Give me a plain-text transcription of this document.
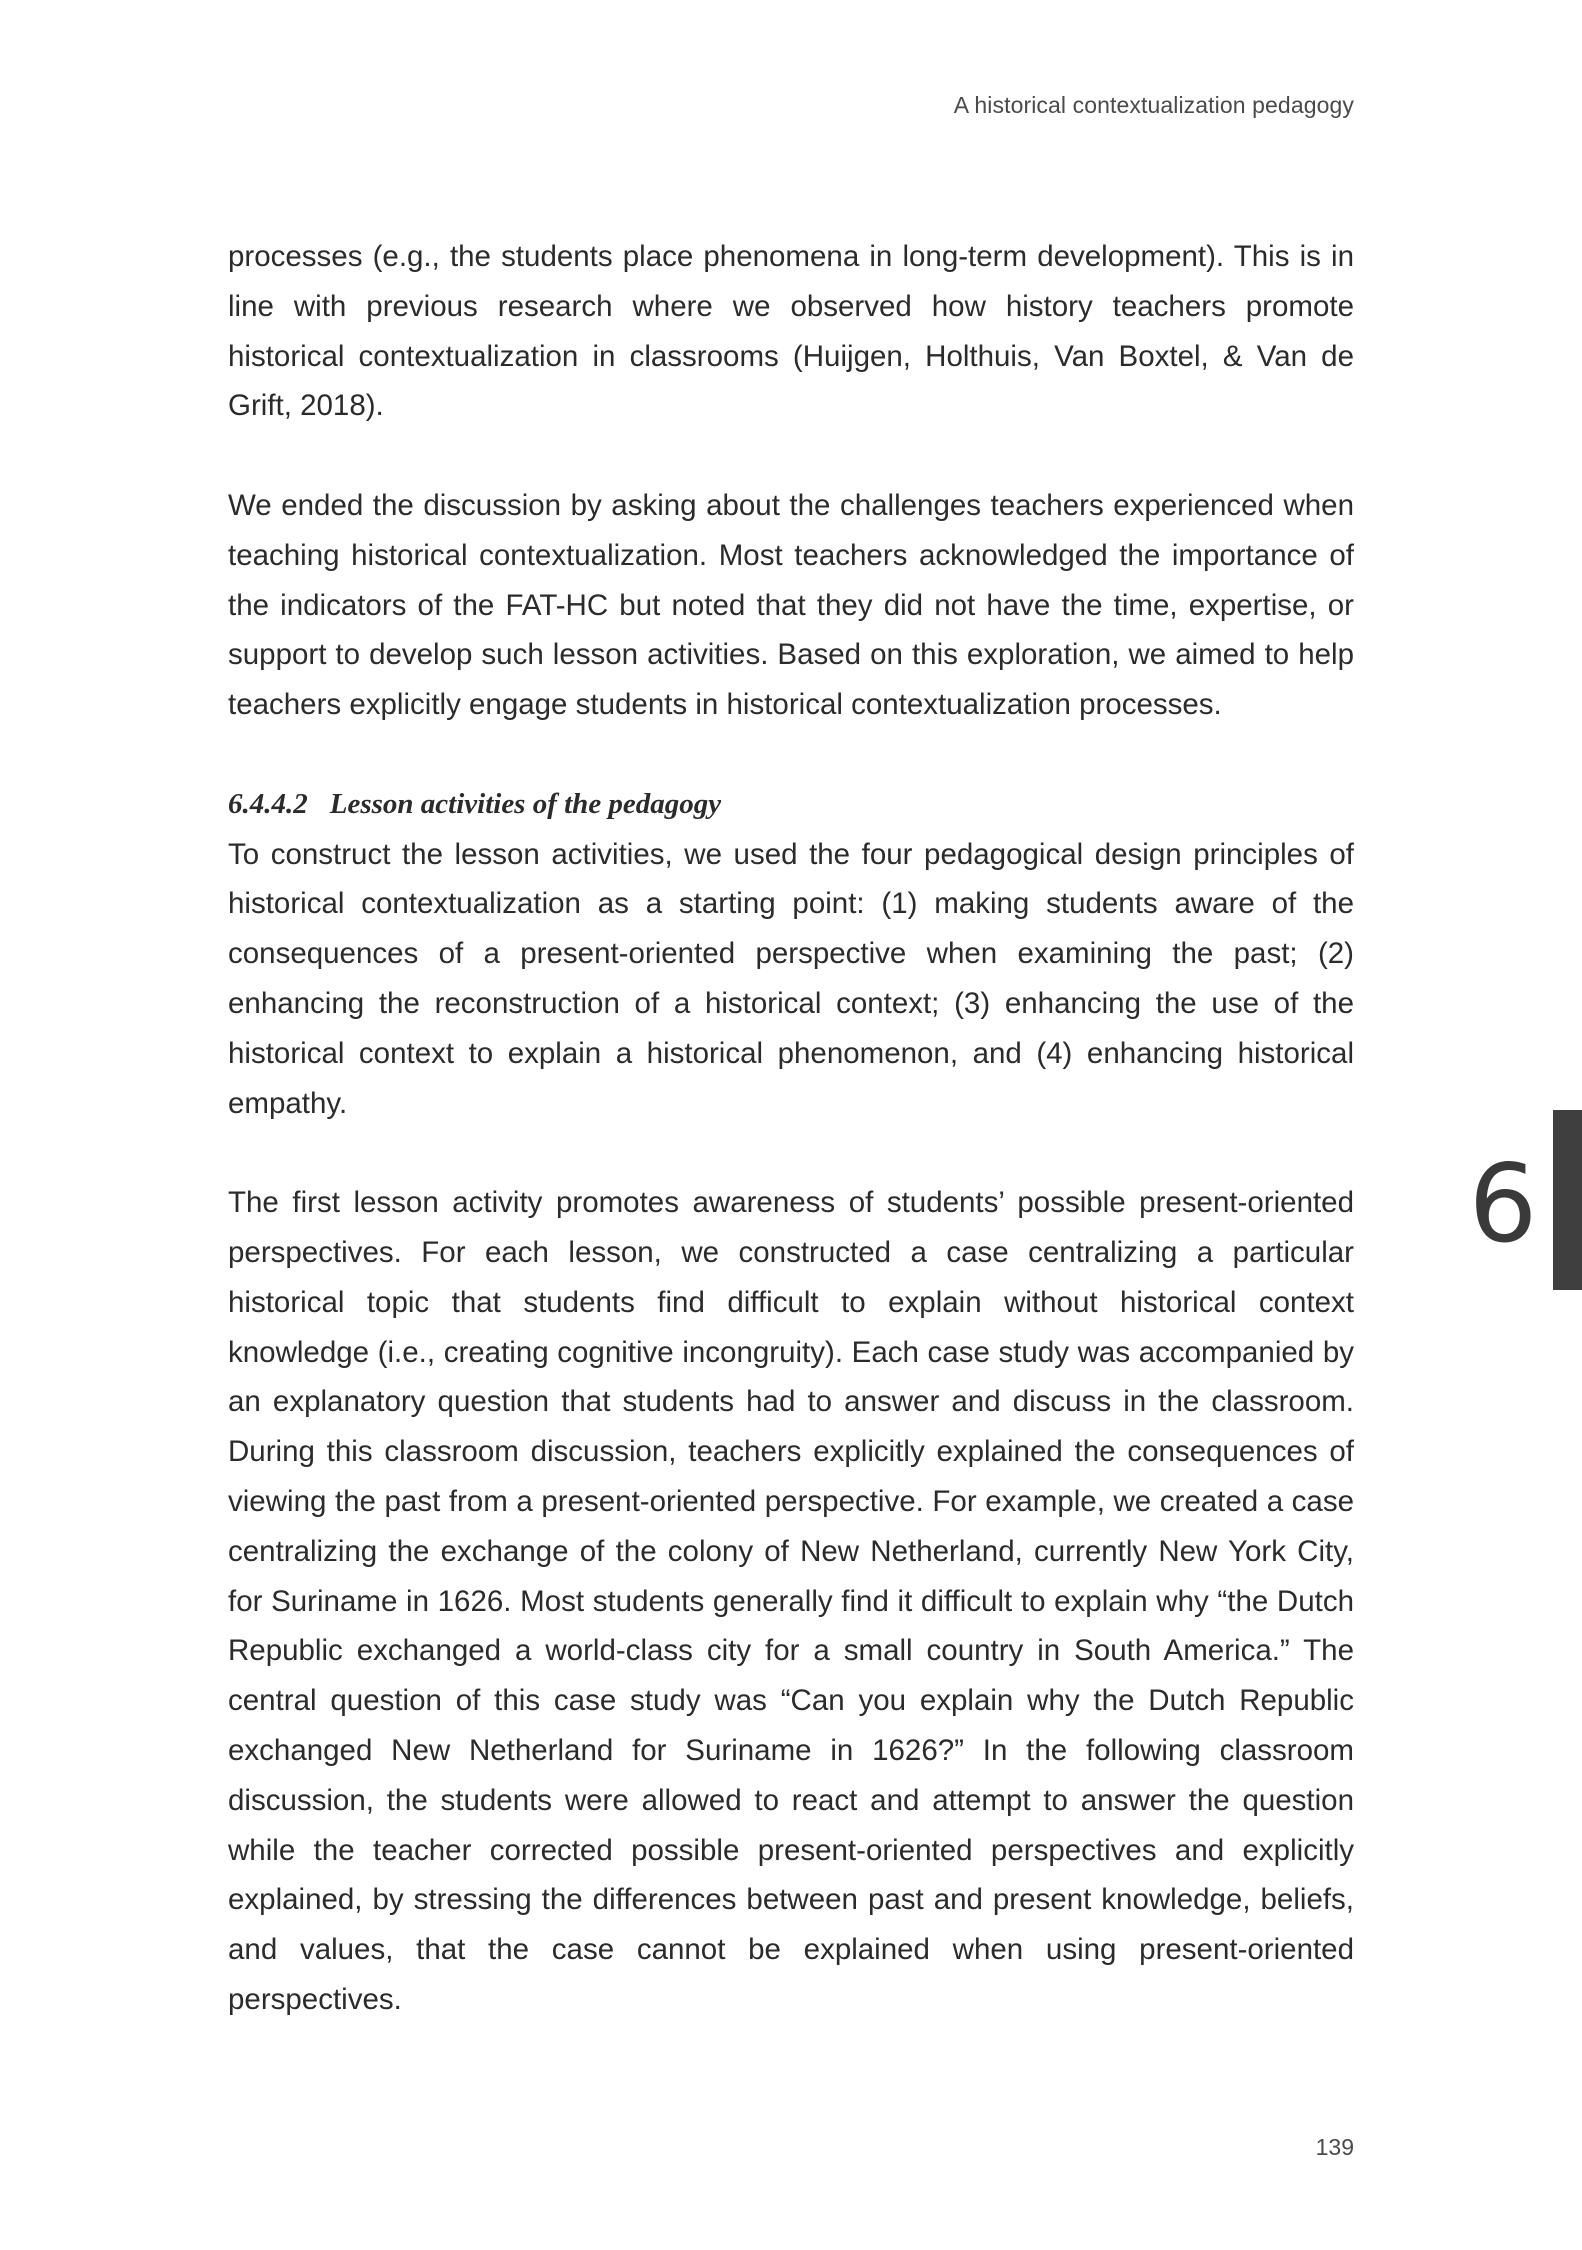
A historical contextualization pedagogy

processes (e.g., the students place phenomena in long-term development). This is in line with previous research where we observed how history teachers promote historical contextualization in classrooms (Huijgen, Holthuis, Van Boxtel, & Van de Grift, 2018).

We ended the discussion by asking about the challenges teachers experienced when teaching historical contextualization. Most teachers acknowledged the importance of the indicators of the FAT-HC but noted that they did not have the time, expertise, or support to develop such lesson activities. Based on this exploration, we aimed to help teachers explicitly engage students in historical contextualization processes.

6.4.4.2 Lesson activities of the pedagogy

To construct the lesson activities, we used the four pedagogical design principles of historical contextualization as a starting point: (1) making students aware of the consequences of a present-oriented perspective when examining the past; (2) enhancing the reconstruction of a historical context; (3) enhancing the use of the historical context to explain a historical phenomenon, and (4) enhancing historical empathy.

The first lesson activity promotes awareness of students’ possible present-oriented perspectives. For each lesson, we constructed a case centralizing a particular historical topic that students find difficult to explain without historical context knowledge (i.e., creating cognitive incongruity). Each case study was accompanied by an explanatory question that students had to answer and discuss in the classroom. During this classroom discussion, teachers explicitly explained the consequences of viewing the past from a present-oriented perspective. For example, we created a case centralizing the exchange of the colony of New Netherland, currently New York City, for Suriname in 1626. Most students generally find it difficult to explain why “the Dutch Republic exchanged a world-class city for a small country in South America.” The central question of this case study was “Can you explain why the Dutch Republic exchanged New Netherland for Suriname in 1626?” In the following classroom discussion, the students were allowed to react and attempt to answer the question while the teacher corrected possible present-oriented perspectives and explicitly explained, by stressing the differences between past and present knowledge, beliefs, and values, that the case cannot be explained when using present-oriented perspectives.

6
139
